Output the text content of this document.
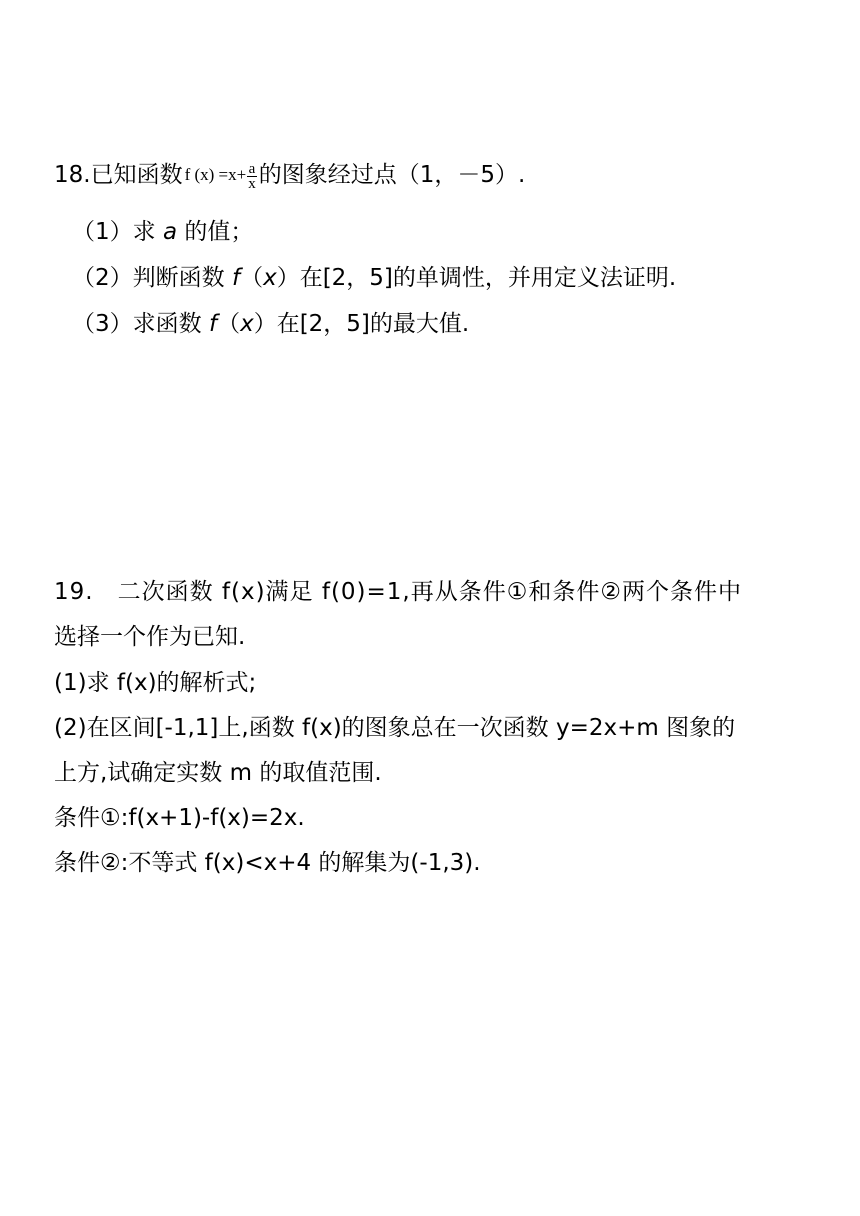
18.已知函数 f $(x) =x+ \frac{a}{x}$ 的图象经过点（1，－5）.
（1）求 a 的值；
（2）判断函数 f（x）在[2，5]的单调性，并用定义法证明.
（3）求函数 f（x）在[2，5]的最大值.
19.　二次函数 f(x)满足 f(0)=1,再从条件①和条件②两个条件中
选择一个作为已知.
(1)求 f(x)的解析式;
(2)在区间[-1,1]上,函数 f(x)的图象总在一次函数 y=2x+m 图象的
上方,试确定实数 m 的取值范围.
条件①:f(x+1)-f(x)=2x.
条件②:不等式 f(x)<x+4 的解集为(-1,3).
